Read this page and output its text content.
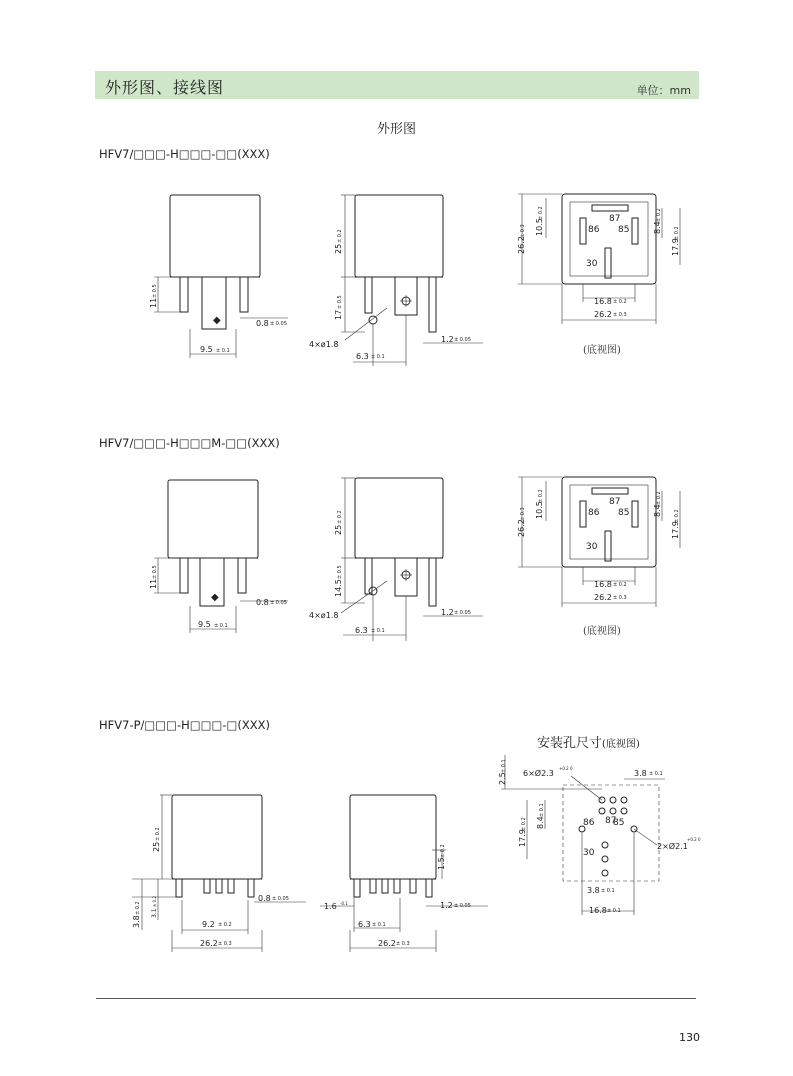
外形图、接线图	单位：mm
外形图
HFV7/□□□-H□□□-□□(XXX)
HFV7/□□□-H□□□M-□□(XXX)
HFV7-P/□□□-H□□□-□(XXX)
(底视图)
(底视图)
安装孔尺寸(底视图)
◆
11
± 0.5
9.5 ± 0.1
0.8 ± 0.05
25
± 0.2
17
± 0.5
4×ø1.8
6.3 ± 0.1
1.2 ± 0.05
87
86 85
30
26.2
± 0.3 10.5
± 0.2
8.4
± 0.2
17.9
± 0.2
16.8 ± 0.2
26.2 ± 0.3
◆
11
± 0.5
9.5 ± 0.1
0.8 ± 0.05
25
± 0.2
14.5
± 0.5
4×ø1.8
6.3 ± 0.1
1.2 ± 0.05
87
86 85
30
26.2
± 0.3 10.5
± 0.2
8.4
± 0.2
17.9
± 0.2
16.8 ± 0.2
26.2 ± 0.3
25
± 0.2
3.8
± 0.2 3.1
± 0.2
9.2 ± 0.2
26.2 ± 0.3
0.8 ± 0.05
1.5
± 0.2
1.6 -0.1
6.3 ± 0.1
26.2 ± 0.3
1.2 ± 0.05
87
86 85
30
6×Ø2.3
+0.2 0
3.8 ± 0.1
2.5
± 0.1
17.9
± 0.2 8.4
± 0.1
2×Ø2.1
+0.2 0
3.8 ± 0.1
16.8 ± 0.1
130
